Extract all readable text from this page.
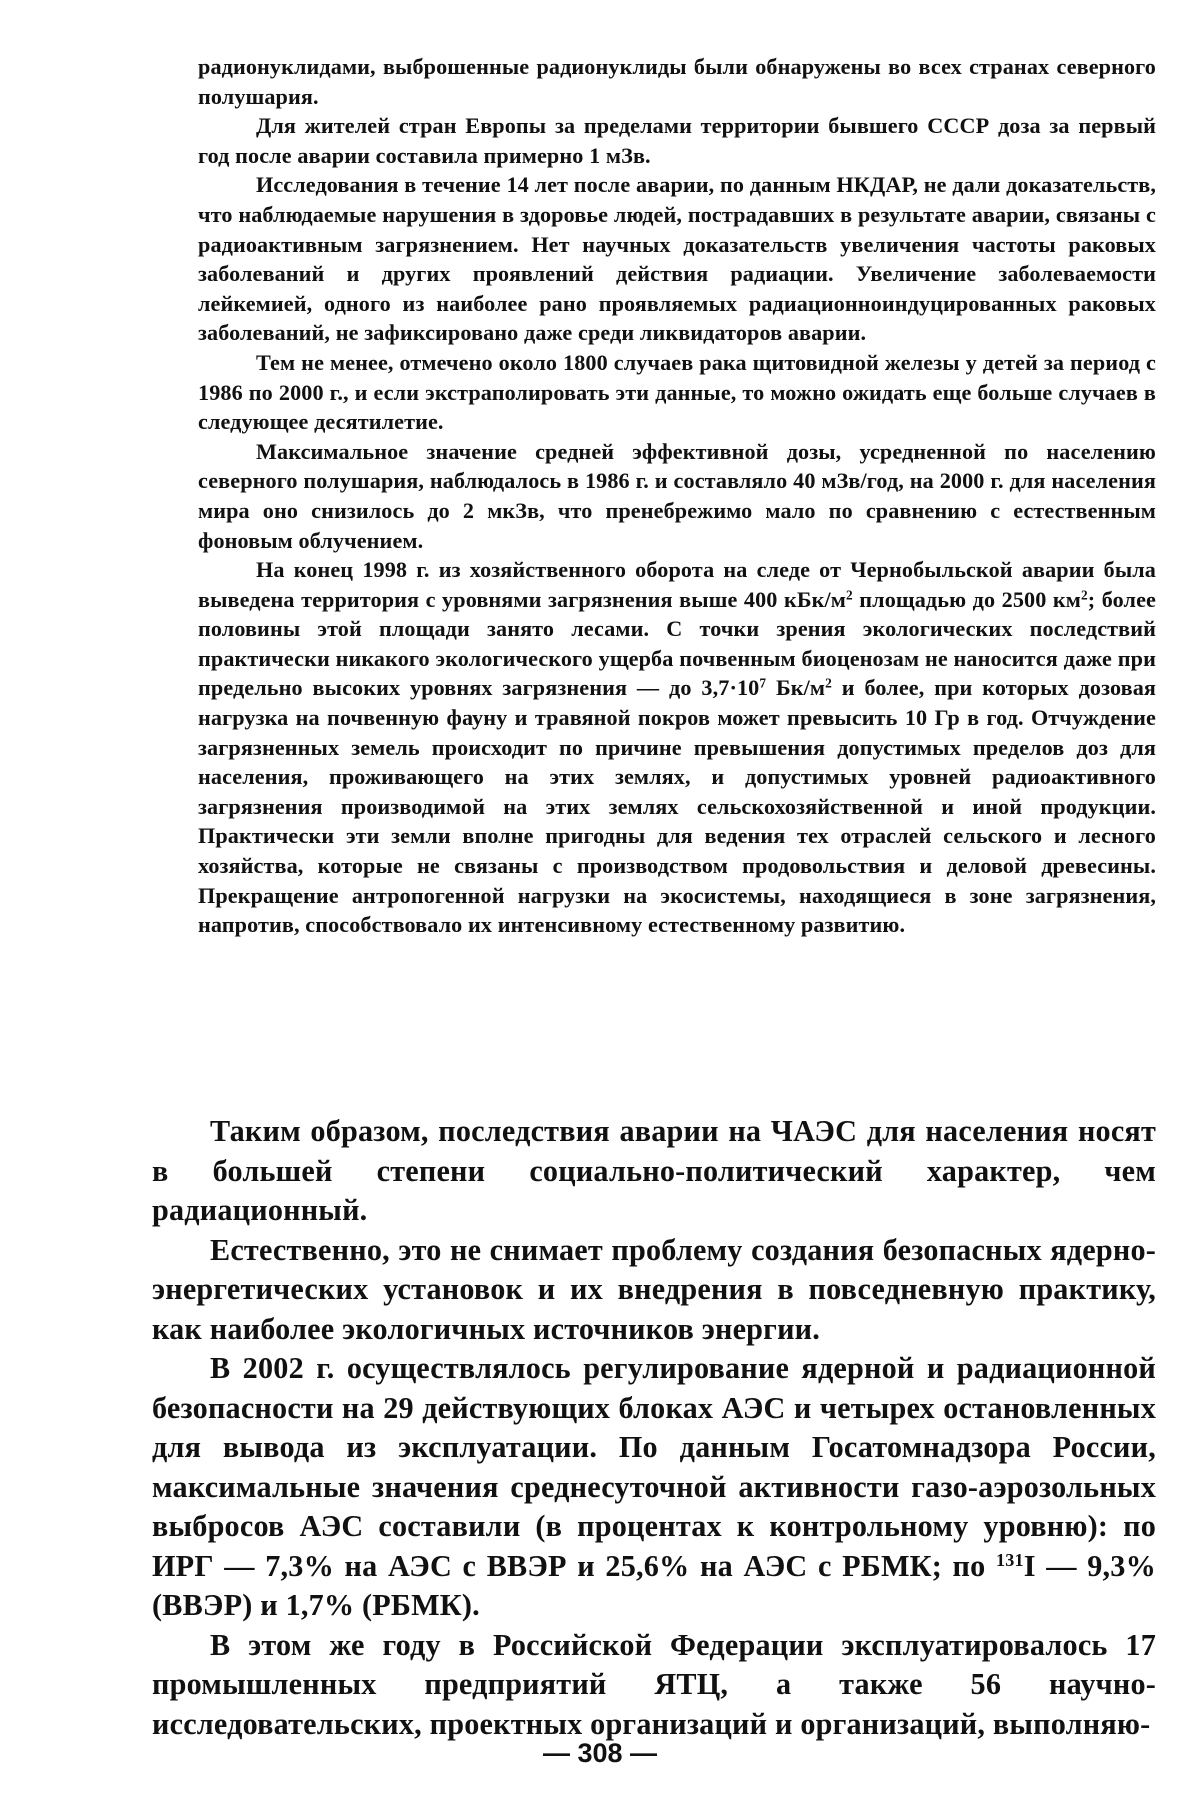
радионуклидами, выброшенные радионуклиды были обнаружены во всех странах северного полушария.

Для жителей стран Европы за пределами территории бывшего СССР доза за первый год после аварии составила примерно 1 мЗв.

Исследования в течение 14 лет после аварии, по данным НКДАР, не дали доказательств, что наблюдаемые нарушения в здоровье людей, пострадавших в результате аварии, связаны с радиоактивным загрязнением. Нет научных доказательств увеличения частоты раковых заболеваний и других проявлений действия радиации. Увеличение заболеваемости лейкемией, одного из наиболее рано проявляемых радиационноиндуцированных раковых заболеваний, не зафиксировано даже среди ликвидаторов аварии.

Тем не менее, отмечено около 1800 случаев рака щитовидной железы у детей за период с 1986 по 2000 г., и если экстраполировать эти данные, то можно ожидать еще больше случаев в следующее десятилетие.

Максимальное значение средней эффективной дозы, усредненной по населению северного полушария, наблюдалось в 1986 г. и составляло 40 мЗв/год, на 2000 г. для населения мира оно снизилось до 2 мкЗв, что пренебрежимо мало по сравнению с естественным фоновым облучением.

На конец 1998 г. из хозяйственного оборота на следе от Чернобыльской аварии была выведена территория с уровнями загрязнения выше 400 кБк/$м^2$ площадью до 2500 $км^2$; более половины этой площади занято лесами. С точки зрения экологических последствий практически никакого экологического ущерба почвенным биоценозам не наносится даже при предельно высоких уровнях загрязнения — до $3,7\cdot 10^7$ $Бк/м^2$ и более, при которых дозовая нагрузка на почвенную фауну и травяной покров может превысить 10 Гр в год. Отчуждение загрязненных земель происходит по причине превышения допустимых пределов доз для населения, проживающего на этих землях, и допустимых уровней радиоактивного загрязнения производимой на этих землях сельскохозяйственной и иной продукции. Практически эти земли вполне пригодны для ведения тех отраслей сельского и лесного хозяйства, которые не связаны с производством продовольствия и деловой древесины. Прекращение антропогенной нагрузки на экосистемы, находящиеся в зоне загрязнения, напротив, способствовало их интенсивному естественному развитию.

Таким образом, последствия аварии на ЧАЭС для населения носят в большей степени социально-политический характер, чем радиационный.

Естественно, это не снимает проблему создания безопасных ядерно-энергетических установок и их внедрения в повседневную практику, как наиболее экологичных источников энергии.

В 2002 г. осуществлялось регулирование ядерной и радиационной безопасности на 29 действующих блоках АЭС и четырех остановленных для вывода из эксплуатации. По данным Госатомнадзора России, максимальные значения среднесуточной активности газо-аэрозольных выбросов АЭС составили (в процентах к контрольному уровню): по ИРГ — 7,3% на АЭС с ВВЭР и 25,6% на АЭС с РБМК; по $^{131}$I — 9,3% (ВВЭР) и 1,7% (РБМК).

В этом же году в Российской Федерации эксплуатировалось 17 промышленных предприятий ЯТЦ, а также 56 научно-исследовательских, проектных организаций и организаций, выполняю-

— 308 —
